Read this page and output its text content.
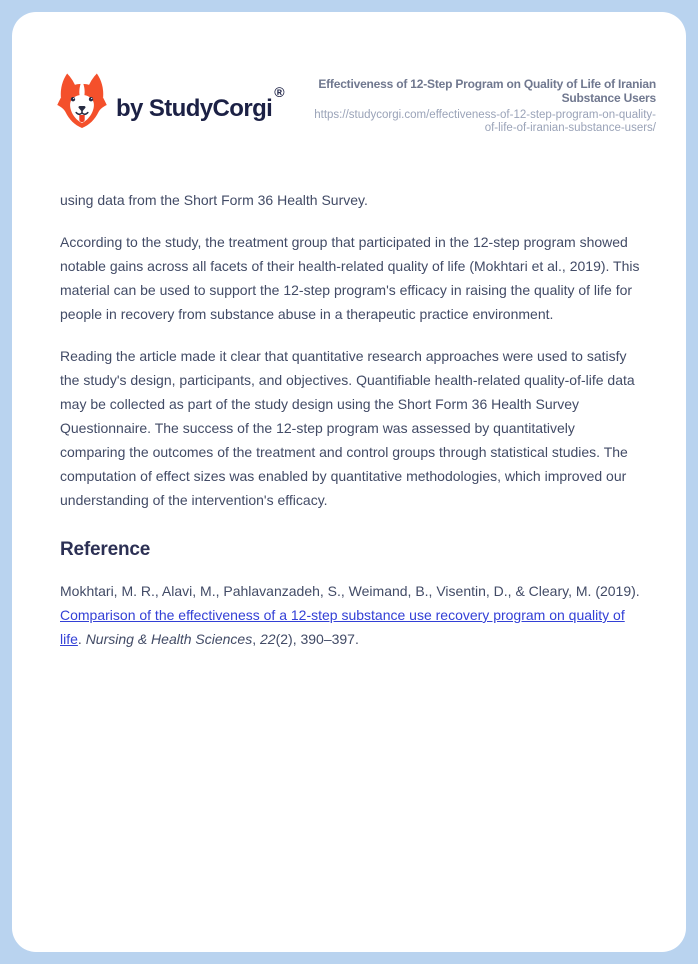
by StudyCorgi
®	Effectiveness of 12-Step Program on Quality of Life of Iranian Substance Users
https://studycorgi.com/effectiveness-of-12-step-program-on-quality-of-life-of-iranian-substance-users/

using data from the Short Form 36 Health Survey.

According to the study, the treatment group that participated in the 12-step program showed notable gains across all facets of their health-related quality of life (Mokhtari et al., 2019). This material can be used to support the 12-step program's efficacy in raising the quality of life for people in recovery from substance abuse in a therapeutic practice environment.

Reading the article made it clear that quantitative research approaches were used to satisfy the study's design, participants, and objectives. Quantifiable health-related quality-of-life data may be collected as part of the study design using the Short Form 36 Health Survey Questionnaire. The success of the 12-step program was assessed by quantitatively comparing the outcomes of the treatment and control groups through statistical studies. The computation of effect sizes was enabled by quantitative methodologies, which improved our understanding of the intervention's efficacy.

Reference

Mokhtari, M. R., Alavi, M., Pahlavanzadeh, S., Weimand, B., Visentin, D., & Cleary, M. (2019). Comparison of the effectiveness of a 12-step substance use recovery program on quality of life. Nursing & Health Sciences, 22(2), 390–397.
